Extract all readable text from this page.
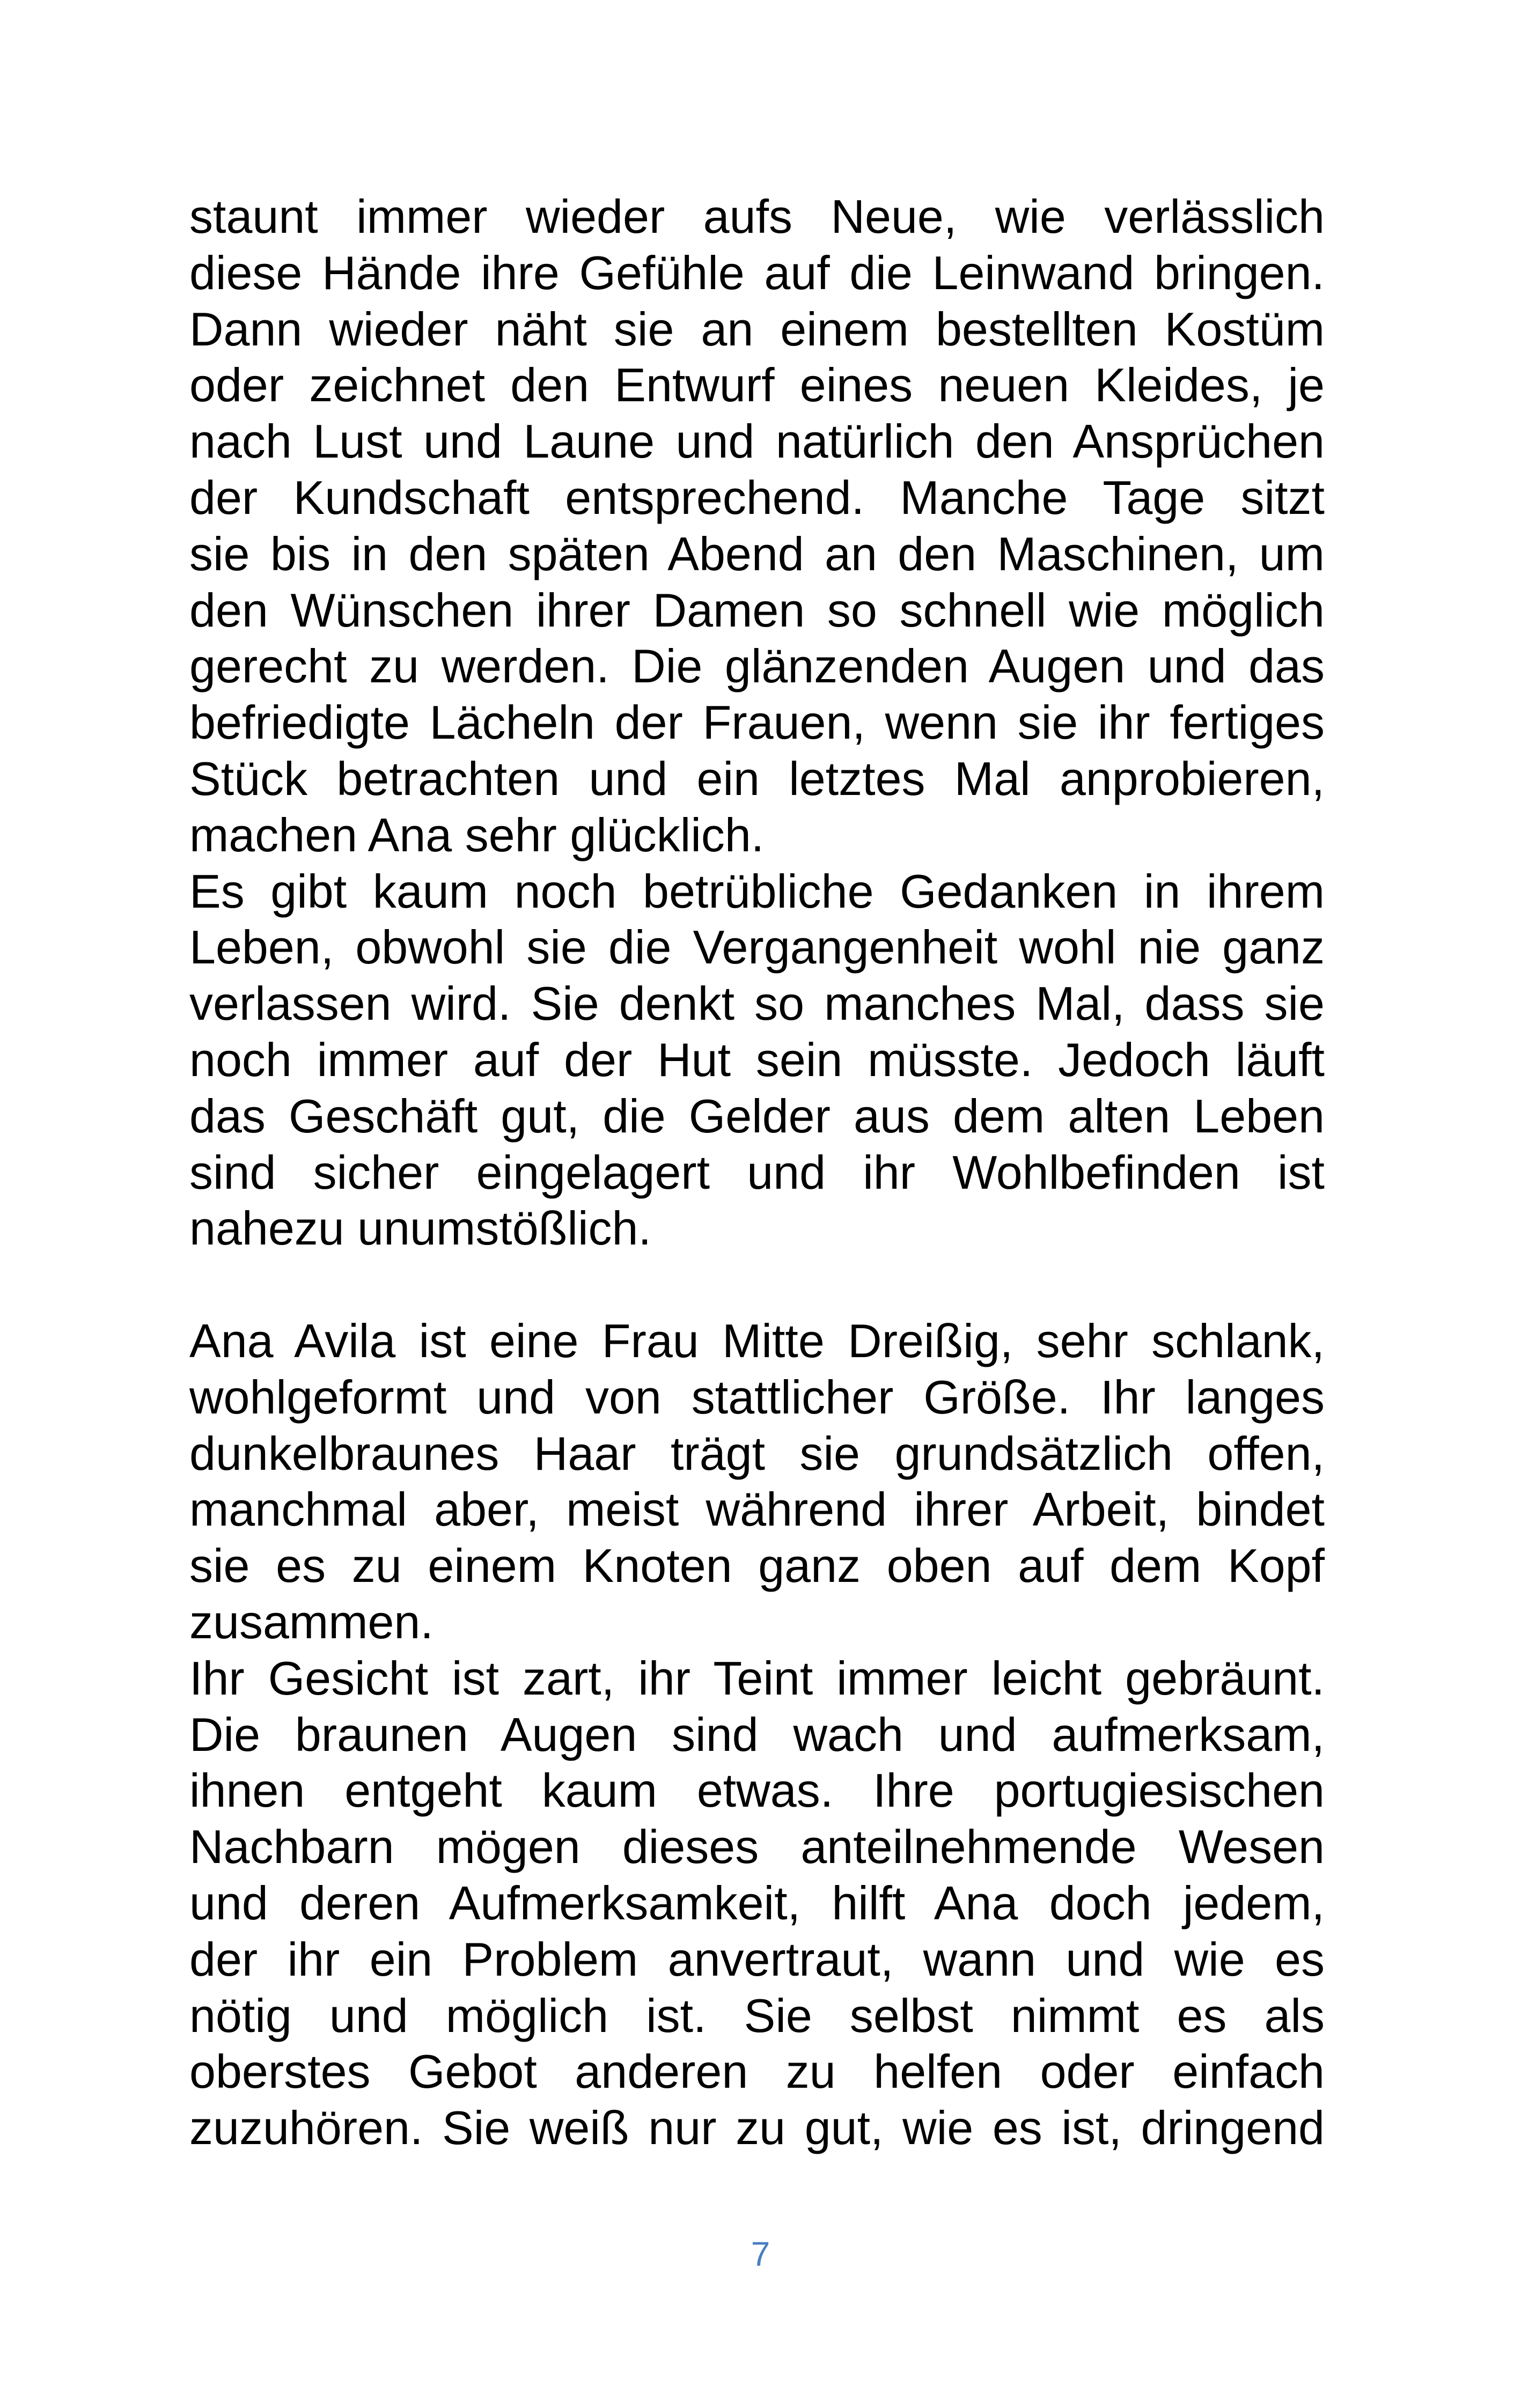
staunt immer wieder aufs Neue, wie verlässlich
diese Hände ihre Gefühle auf die Leinwand bringen.
Dann wieder näht sie an einem bestellten Kostüm
oder zeichnet den Entwurf eines neuen Kleides, je
nach Lust und Laune und natürlich den Ansprüchen
der Kundschaft entsprechend. Manche Tage sitzt
sie bis in den späten Abend an den Maschinen, um
den Wünschen ihrer Damen so schnell wie möglich
gerecht zu werden. Die glänzenden Augen und das
befriedigte Lächeln der Frauen, wenn sie ihr fertiges
Stück betrachten und ein letztes Mal anprobieren,
machen Ana sehr glücklich.
Es gibt kaum noch betrübliche Gedanken in ihrem
Leben, obwohl sie die Vergangenheit wohl nie ganz
verlassen wird. Sie denkt so manches Mal, dass sie
noch immer auf der Hut sein müsste. Jedoch läuft
das Geschäft gut, die Gelder aus dem alten Leben
sind sicher eingelagert und ihr Wohlbefinden ist
nahezu unumstößlich.
Ana Avila ist eine Frau Mitte Dreißig, sehr schlank,
wohlgeformt und von stattlicher Größe. Ihr langes
dunkelbraunes Haar trägt sie grundsätzlich offen,
manchmal aber, meist während ihrer Arbeit, bindet
sie es zu einem Knoten ganz oben auf dem Kopf
zusammen.
Ihr Gesicht ist zart, ihr Teint immer leicht gebräunt.
Die braunen Augen sind wach und aufmerksam,
ihnen entgeht kaum etwas. Ihre portugiesischen
Nachbarn mögen dieses anteilnehmende Wesen
und deren Aufmerksamkeit, hilft Ana doch jedem,
der ihr ein Problem anvertraut, wann und wie es
nötig und möglich ist. Sie selbst nimmt es als
oberstes Gebot anderen zu helfen oder einfach
zuzuhören. Sie weiß nur zu gut, wie es ist, dringend
7
